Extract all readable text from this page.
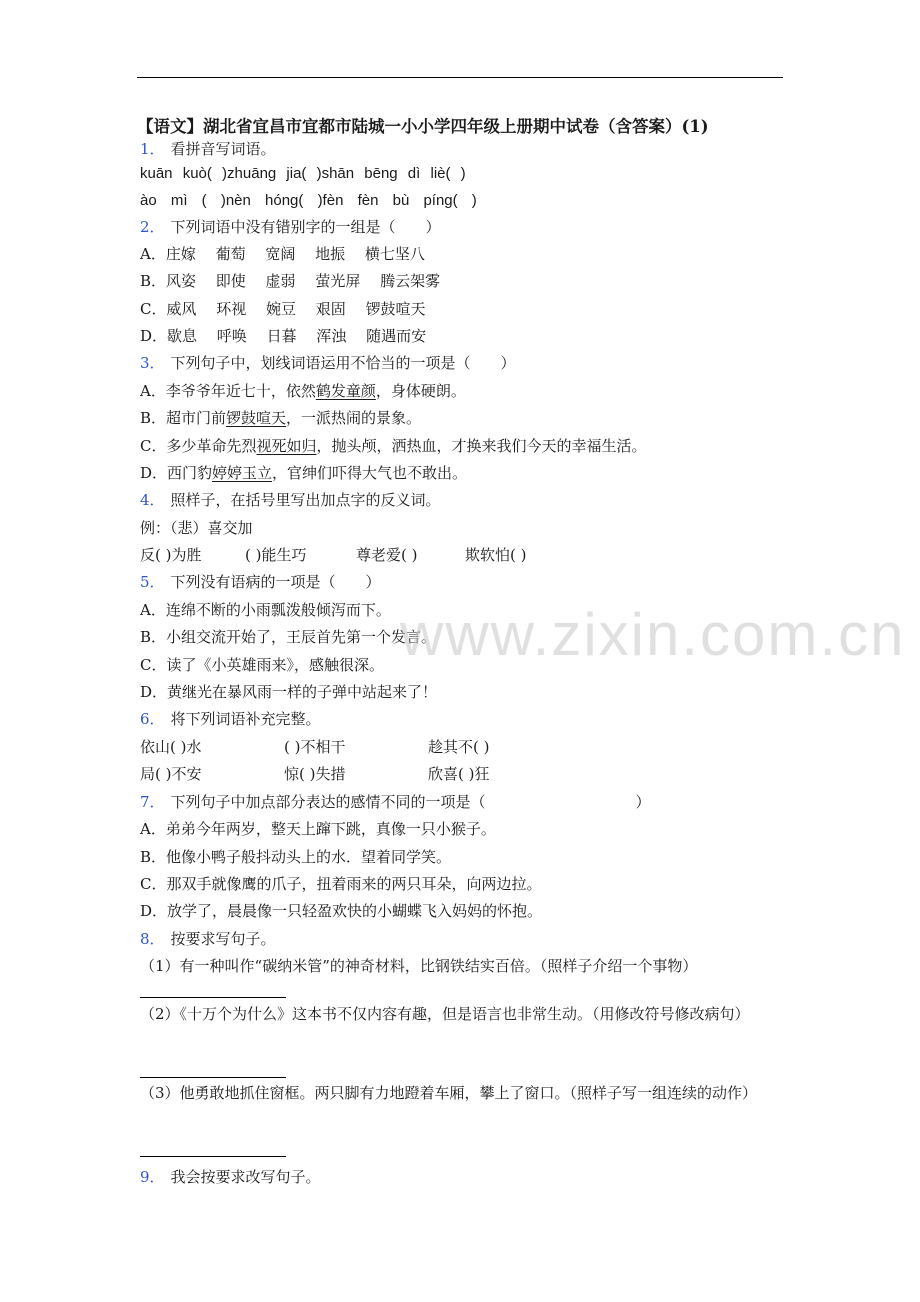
【语文】湖北省宜昌市宜都市陆城一小小学四年级上册期中试卷（含答案）(1)
1． 看拼音写词语。
kuān kuò( )zhuāng jia( )shān bēng dì liè( )
ào mì ( )nèn hóng( )fèn fèn bù píng( )
2． 下列词语中没有错别字的一组是（　　）
A．庄嫁　 葡萄　 宽阔　 地振　 横七坚八
B．风姿　 即使　 虚弱　 萤光屏　 腾云架雾
C．威风　 环视　 婉豆　 艰固　 锣鼓喧天
D．歇息　 呼唤　 日暮　 浑浊　 随遇而安
3． 下列句子中，划线词语运用不恰当的一项是（　　）
A．李爷爷年近七十，依然鹤发童颜，身体硬朗。
B．超市门前锣鼓喧天，一派热闹的景象。
C．多少革命先烈视死如归，抛头颅，洒热血，才换来我们今天的幸福生活。
D．西门豹婷婷玉立，官绅们吓得大气也不敢出。
4． 照样子，在括号里写出加点字的反义词。
例：（悲）喜交加
反( )为胜	( )能生巧	尊老爱( )	欺软怕( )
5． 下列没有语病的一项是（　　）
A．连绵不断的小雨瓢泼般倾泻而下。
B．小组交流开始了，王辰首先第一个发言。
C．读了《小英雄雨来》，感触很深。
D．黄继光在暴风雨一样的子弹中站起来了！
6． 将下列词语补充完整。
依山( )水	( )不相干	趁其不( )
局( )不安	惊( )失措	欣喜( )狂
7． 下列句子中加点部分表达的感情不同的一项是（　　　　　　　　　　）
A．弟弟今年两岁，整天上蹿下跳，真像一只小猴子。
B．他像小鸭子般抖动头上的水．望着同学笑。
C．那双手就像鹰的爪子，扭着雨来的两只耳朵，向两边拉。
D．放学了，晨晨像一只轻盈欢快的小蝴蝶飞入妈妈的怀抱。
8． 按要求写句子。
（1）有一种叫作“碳纳米管”的神奇材料，比钢铁结实百倍。（照样子介绍一个事物）
（2）《十万个为什么》这本书不仅内容有趣，但是语言也非常生动。（用修改符号修改病句）
（3）他勇敢地抓住窗框。两只脚有力地蹬着车厢，攀上了窗口。（照样子写一组连续的动作）
9． 我会按要求改写句子。
www.zixin.com.cn
